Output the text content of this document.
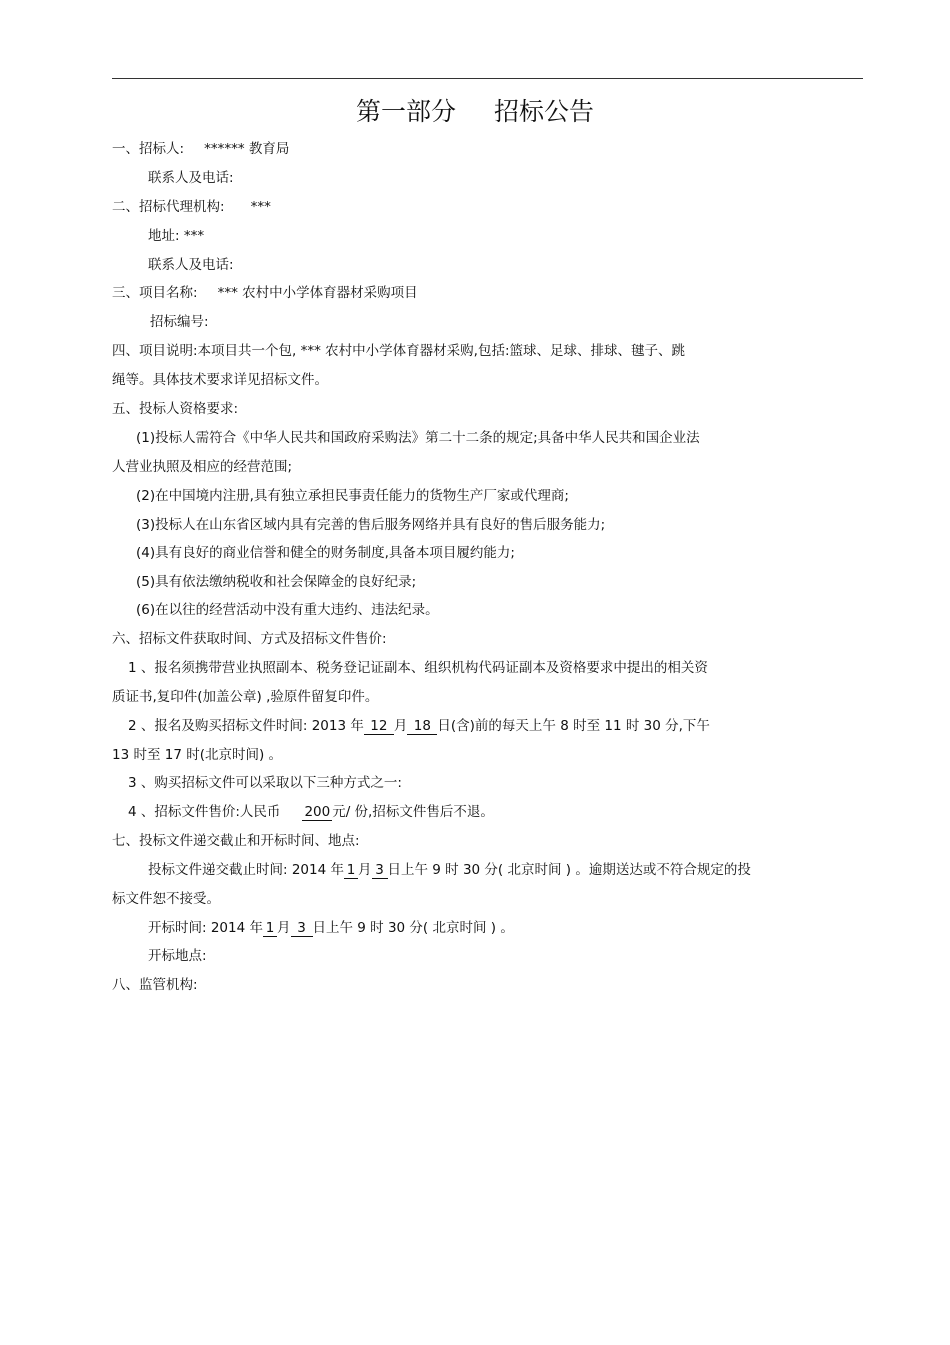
第一部分 招标公告
一、招标人: ****** 教育局
联系人及电话:
二、招标代理机构: ***
地址: ***
联系人及电话:
三、项目名称: *** 农村中小学体育器材采购项目
招标编号:
四、项目说明:本项目共一个包, *** 农村中小学体育器材采购,包括:篮球、足球、排球、毽子、跳
绳等。具体技术要求详见招标文件。
五、投标人资格要求:
(1)投标人需符合《中华人民共和国政府采购法》第二十二条的规定;具备中华人民共和国企业法
人营业执照及相应的经营范围;
(2)在中国境内注册,具有独立承担民事责任能力的货物生产厂家或代理商;
(3)投标人在山东省区域内具有完善的售后服务网络并具有良好的售后服务能力;
(4)具有良好的商业信誉和健全的财务制度,具备本项目履约能力;
(5)具有依法缴纳税收和社会保障金的良好纪录;
(6)在以往的经营活动中没有重大违约、违法纪录。
六、招标文件获取时间、方式及招标文件售价:
1 、报名须携带营业执照副本、税务登记证副本、组织机构代码证副本及资格要求中提出的相关资
质证书,复印件(加盖公章) ,验原件留复印件。
2 、报名及购买招标文件时间: 2013 年 12 月 18 日(含)前的每天上午 8 时至 11 时 30 分,下午
13 时至 17 时(北京时间) 。
3 、购买招标文件可以采取以下三种方式之一:
4 、招标文件售价:人民币 200 元/ 份,招标文件售后不退。
七、投标文件递交截止和开标时间、地点:
投标文件递交截止时间: 2014 年 1 月 3 日上午 9 时 30 分( 北京时间 ) 。逾期送达或不符合规定的投
标文件恕不接受。
开标时间: 2014 年 1 月 3 日上午 9 时 30 分( 北京时间 ) 。
开标地点:
八、监管机构:
